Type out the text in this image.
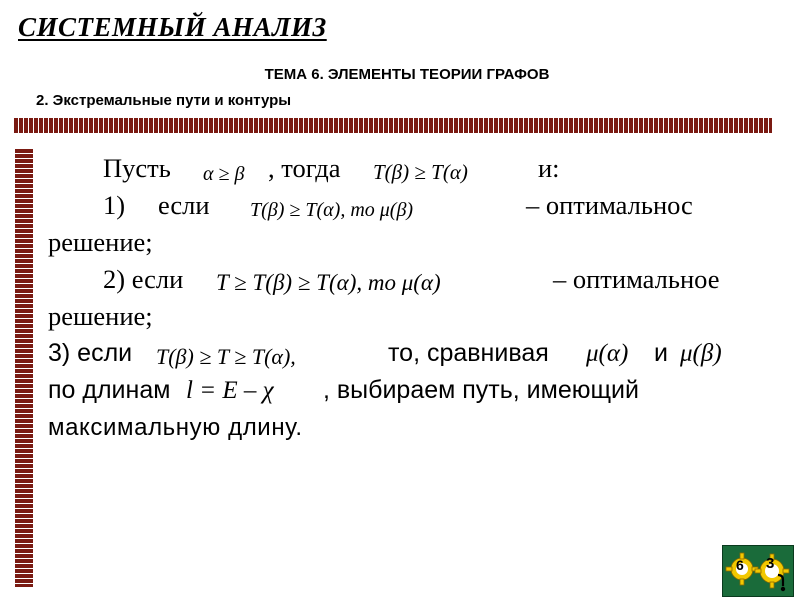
СИСТЕМНЫЙ АНАЛИЗ
ТЕМА 6. ЭЛЕМЕНТЫ ТЕОРИИ ГРАФОВ
2. Экстремальные пути и контуры
Пусть α ≥ β , тогда T(β) ≥ T(α)	и:
1) если T(β) ≥ T(α), то μ(β)	– оптимальнос
решение;
2) если T ≥ T(β) ≥ T(α), то μ(α)	– оптимальное
решение;
3) если T(β) ≥ T ≥ T(α),	то, сравнивая μ(α) и μ(β)
по длинам l = E – χ , выбираем путь, имеющий
максимальную длину.
6 3
